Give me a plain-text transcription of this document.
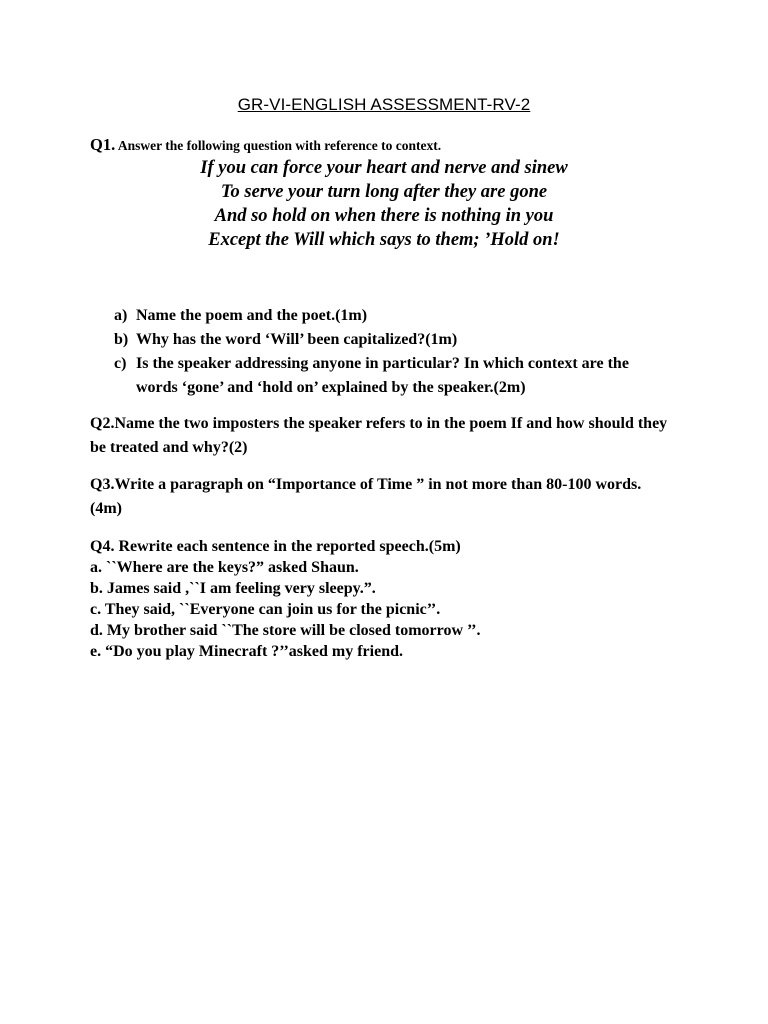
GR-VI-ENGLISH ASSESSMENT-RV-2
Q1. Answer the following question with reference to context.
If you can force your heart and nerve and sinew
To serve your turn long after they are gone
And so hold on when there is nothing in you
Except the Will which says to them; ’Hold on!
a) Name the poem and the poet.(1m)
b) Why has the word ‘Will’ been capitalized?(1m)
c) Is the speaker addressing anyone in particular? In which context are the words ‘gone’ and ‘hold on’ explained by the speaker.(2m)
Q2.Name the two imposters the speaker refers to in the poem If and how should they be treated and why?(2)
Q3.Write a paragraph on “Importance of Time ” in not more than 80-100 words.(4m)
Q4. Rewrite each sentence in the reported speech.(5m)
a. ``Where are the keys?” asked Shaun.
b. James said ,``I am feeling very sleepy.”.
c. They said, ``Everyone can join us for the picnic’’.
d. My brother said ``The store will be closed tomorrow ’’.
e. “Do you play Minecraft ?’’asked my friend.
